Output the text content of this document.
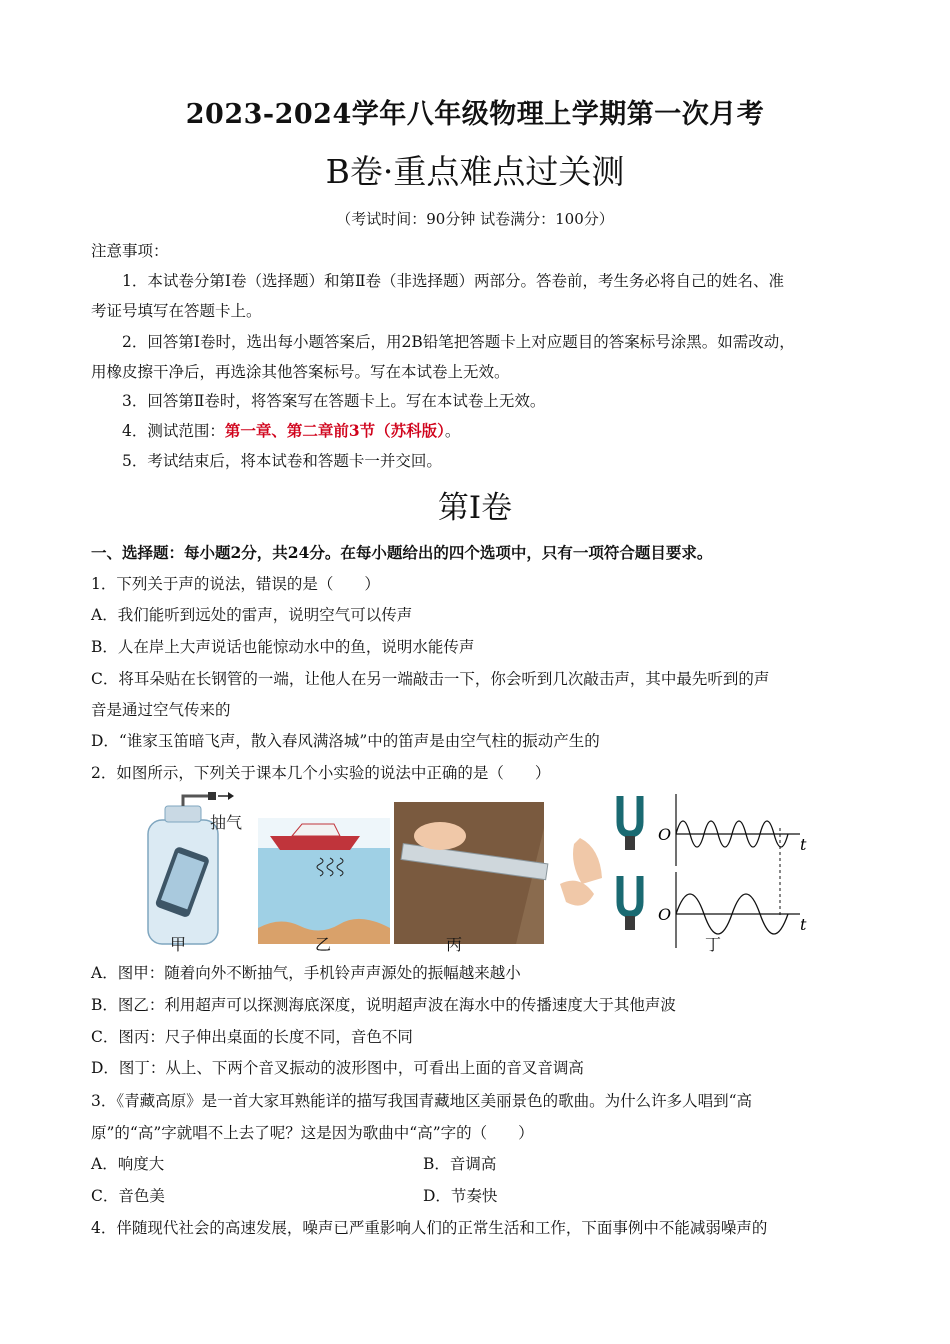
2023-2024学年八年级物理上学期第一次月考
B卷·重点难点过关测
（考试时间：90分钟 试卷满分：100分）
注意事项：
1．本试卷分第Ⅰ卷（选择题）和第Ⅱ卷（非选择题）两部分。答卷前，考生务必将自己的姓名、准
考证号填写在答题卡上。
2．回答第Ⅰ卷时，选出每小题答案后，用2B铅笔把答题卡上对应题目的答案标号涂黑。如需改动，
用橡皮擦干净后，再选涂其他答案标号。写在本试卷上无效。
3．回答第Ⅱ卷时，将答案写在答题卡上。写在本试卷上无效。
4．测试范围：第一章、第二章前3节（苏科版）。
5．考试结束后，将本试卷和答题卡一并交回。
第Ⅰ卷
一、选择题：每小题2分，共24分。在每小题给出的四个选项中，只有一项符合题目要求。
1．下列关于声的说法，错误的是（　　）
A．我们能听到远处的雷声，说明空气可以传声
B．人在岸上大声说话也能惊动水中的鱼，说明水能传声
C．将耳朵贴在长钢管的一端，让他人在另一端敲击一下，你会听到几次敲击声，其中最先听到的声
音是通过空气传来的
D．“谁家玉笛暗飞声，散入春风满洛城”中的笛声是由空气柱的振动产生的
2．如图所示，下列关于课本几个小实验的说法中正确的是（　　）
抽气
O
O
t
t
甲	乙	丙	丁
A．图甲：随着向外不断抽气，手机铃声声源处的振幅越来越小
B．图乙：利用超声可以探测海底深度，说明超声波在海水中的传播速度大于其他声波
C．图丙：尺子伸出桌面的长度不同，音色不同
D．图丁：从上、下两个音叉振动的波形图中，可看出上面的音叉音调高
3．《青藏高原》是一首大家耳熟能详的描写我国青藏地区美丽景色的歌曲。为什么许多人唱到“高
原”的“高”字就唱不上去了呢？这是因为歌曲中“高”字的（　　）
A．响度大	B．音调高
C．音色美	D．节奏快
4．伴随现代社会的高速发展，噪声已严重影响人们的正常生活和工作，下面事例中不能减弱噪声的
